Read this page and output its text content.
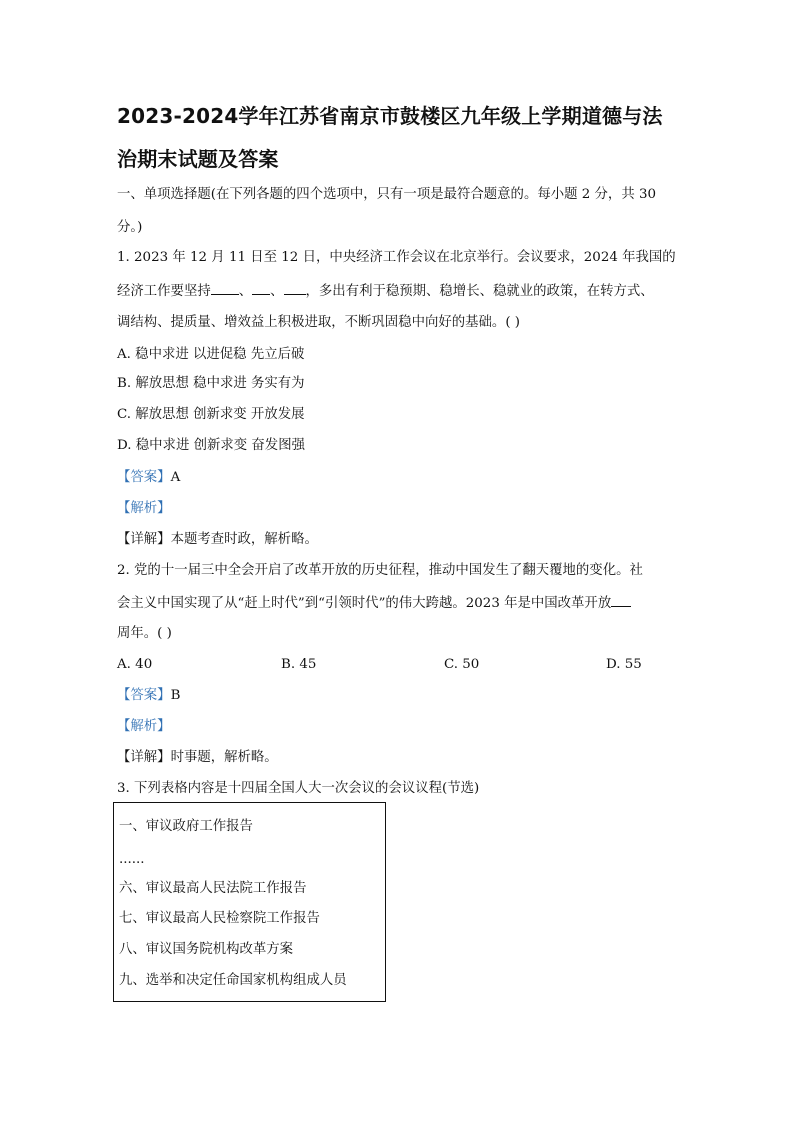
2023-2024学年江苏省南京市鼓楼区九年级上学期道德与法
治期末试题及答案
一、单项选择题(在下列各题的四个选项中，只有一项是最符合题意的。每小题 2 分，共 30
分。)
1. 2023 年 12 月 11 日至 12 日，中央经济工作会议在北京举行。会议要求，2024 年我国的
经济工作要坚持 、 、 ，多出有利于稳预期、稳增长、稳就业的政策，在转方式、
调结构、提质量、增效益上积极进取，不断巩固稳中向好的基础。( )
A. 稳中求进 以进促稳 先立后破
B. 解放思想 稳中求进 务实有为
C. 解放思想 创新求变 开放发展
D. 稳中求进 创新求变 奋发图强
【答案】A
【解析】
【详解】本题考查时政，解析略。
2. 党的十一届三中全会开启了改革开放的历史征程，推动中国发生了翻天覆地的变化。社
会主义中国实现了从“赶上时代”到“引领时代”的伟大跨越。2023 年是中国改革开放
周年。( )
A. 40	B. 45	C. 50	D. 55
【答案】B
【解析】
【详解】时事题，解析略。
3. 下列表格内容是十四届全国人大一次会议的会议议程(节选)
一、审议政府工作报告
......
六、审议最高人民法院工作报告
七、审议最高人民检察院工作报告
八、审议国务院机构改革方案
九、选举和决定任命国家机构组成人员
